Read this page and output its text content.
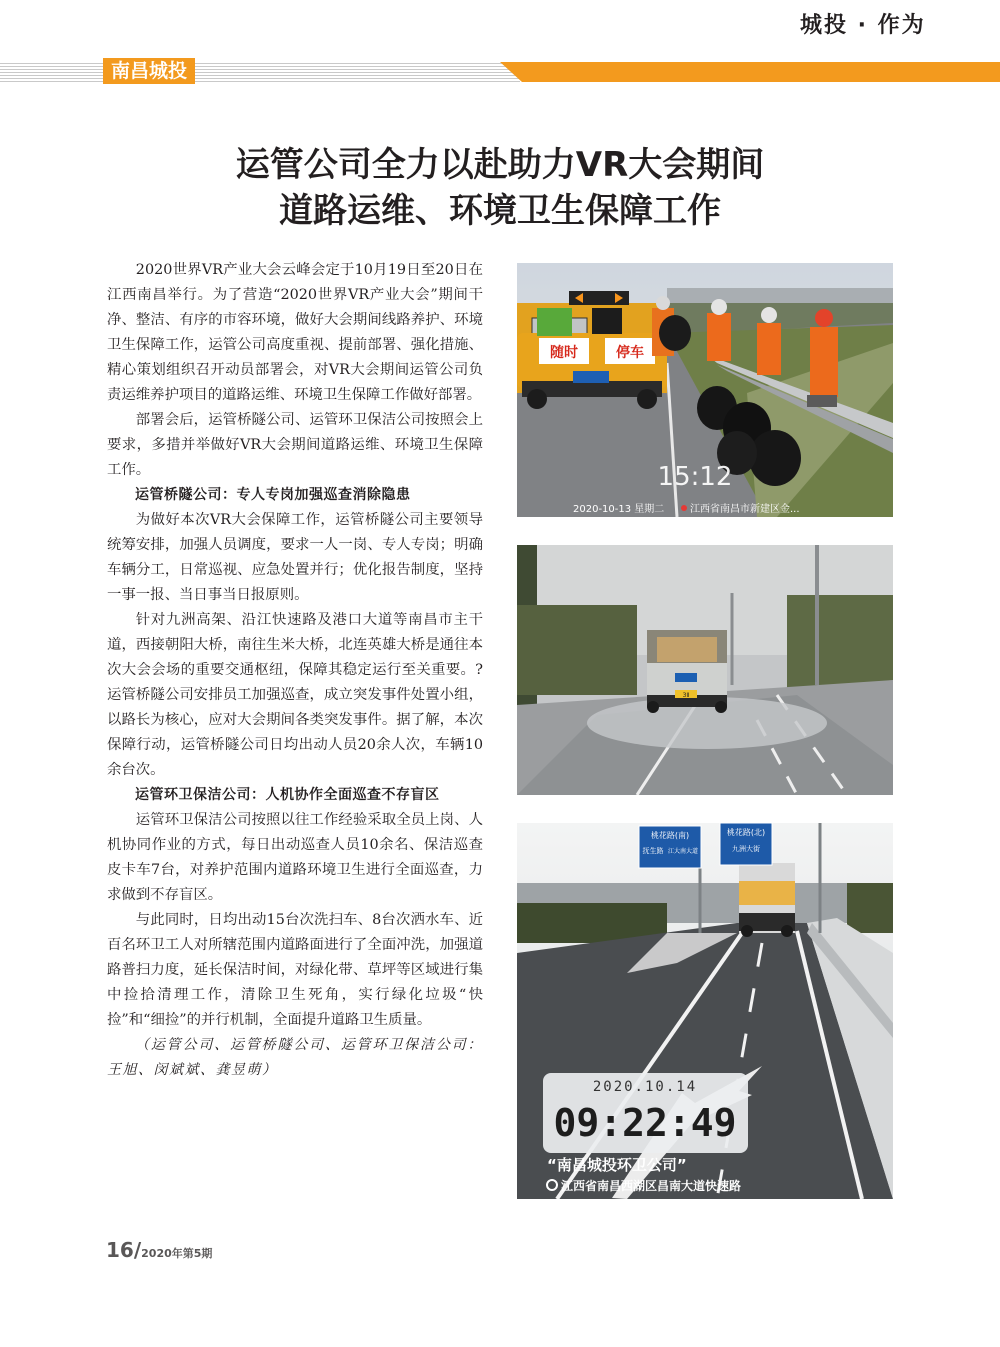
城投 · 作为
南昌城投
运管公司全力以赴助力VR大会期间
道路运维、环境卫生保障工作

2020世界VR产业大会云峰会定于10月19日至20日在江西南昌举行。为了营造“2020世界VR产业大会”期间干净、整洁、有序的市容环境，做好大会期间线路养护、环境卫生保障工作，运管公司高度重视、提前部署、强化措施、精心策划组织召开动员部署会，对VR大会期间运管公司负责运维养护项目的道路运维、环境卫生保障工作做好部署。

部署会后，运管桥隧公司、运管环卫保洁公司按照会上要求，多措并举做好VR大会期间道路运维、环境卫生保障工作。

运管桥隧公司：专人专岗加强巡查消除隐患

为做好本次VR大会保障工作，运管桥隧公司主要领导统筹安排，加强人员调度，要求一人一岗、专人专岗；明确车辆分工，日常巡视、应急处置并行；优化报告制度，坚持一事一报、当日事当日报原则。

针对九洲高架、沿江快速路及港口大道等南昌市主干道，西接朝阳大桥，南往生米大桥，北连英雄大桥是通往本次大会会场的重要交通枢纽，保障其稳定运行至关重要。?运管桥隧公司安排员工加强巡查，成立突发事件处置小组，以路长为核心，应对大会期间各类突发事件。据了解，本次保障行动，运管桥隧公司日均出动人员20余人次，车辆10余台次。

运管环卫保洁公司：人机协作全面巡查不存盲区

运管环卫保洁公司按照以往工作经验采取全员上岗、人机协同作业的方式，每日出动巡查人员10余名、保洁巡查皮卡车7台，对养护范围内道路环境卫生进行全面巡查，力求做到不存盲区。

与此同时，日均出动15台次洗扫车、8台次洒水车、近百名环卫工人对所辖范围内道路面进行了全面冲洗，加强道路普扫力度，延长保洁时间，对绿化带、草坪等区域进行集中捡拾清理工作，清除卫生死角，实行绿化垃圾“快捡”和“细捡”的并行机制，全面提升道路卫生质量。

（运管公司、运管桥隧公司、运管环卫保洁公司：王旭、闵斌斌、龚昱萌）

随时	停车
15:12
2020-10-13 星期二	江西省南昌市新建区金...
3Ⅱ
桃花路(南)
抚生路 江大南大道
桃花路(北)
九洲大街
2020.10.14
09:22:49
“南昌城投环卫公司”
江西省南昌西湖区昌南大道快速路
16/2020年第5期
